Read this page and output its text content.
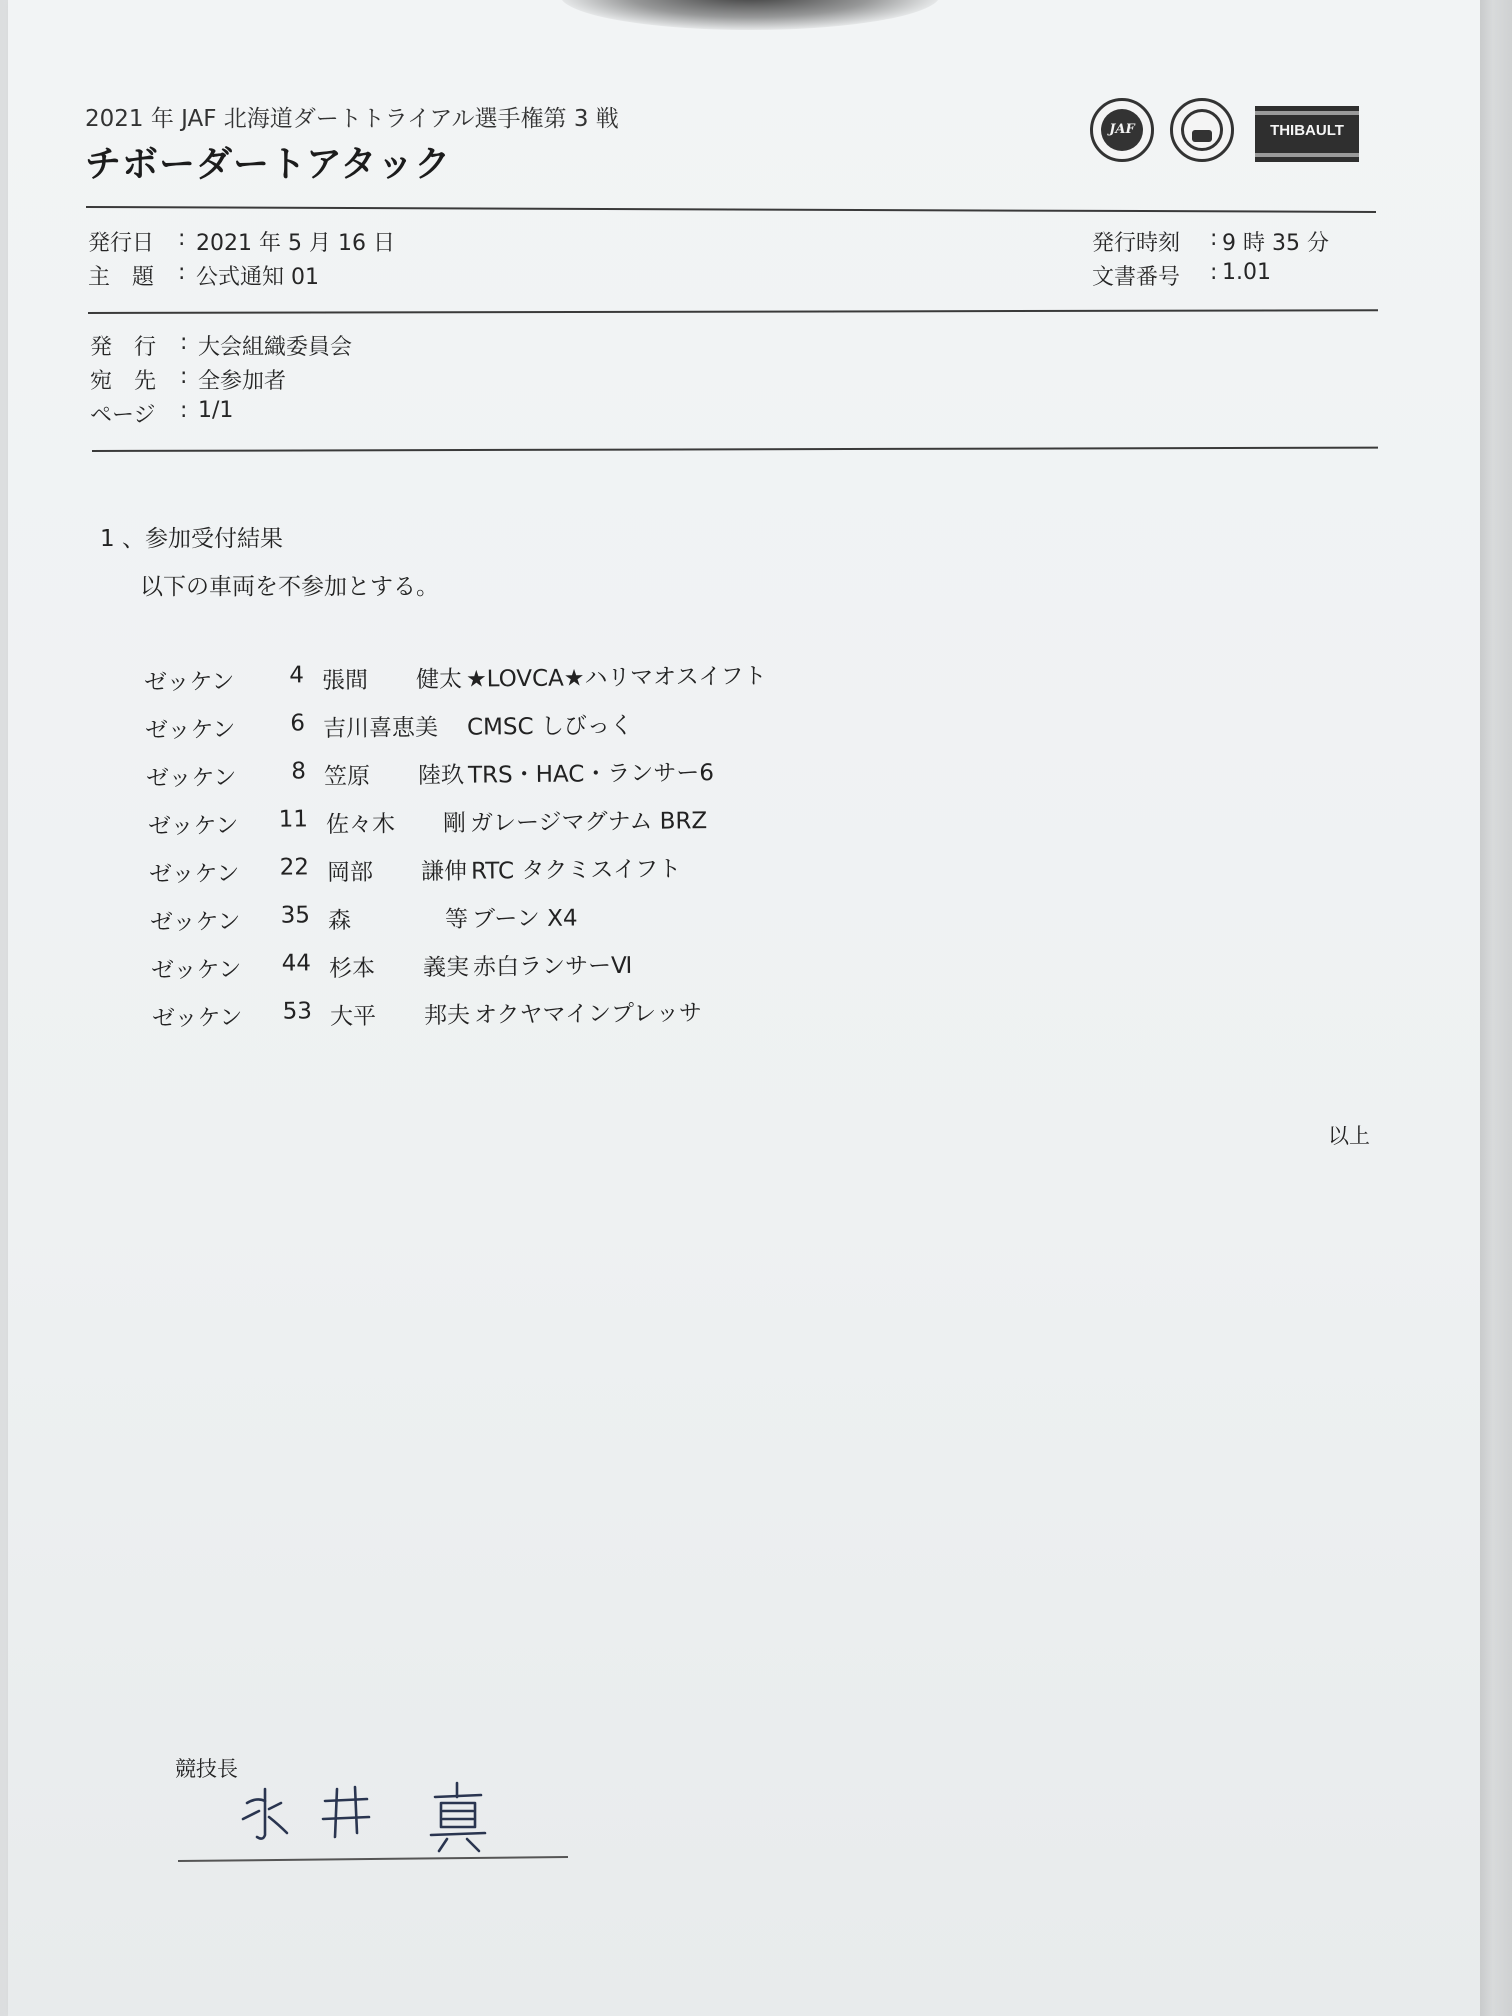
2021 年 JAF 北海道ダートトライアル選手権第 3 戦
チボーダートアタック
JAF	THIBAULT
発行日 : 2021 年 5 月 16 日
主　題 : 公式通知 01
発行時刻 : 9 時 35 分
文書番号 : 1.01
発　行 : 大会組織委員会
宛　先 : 全参加者
ページ : 1/1
1 、参加受付結果
以下の車両を不参加とする。
ゼッケン	4 張間 健太 ★LOVCA★ハリマオスイフト
ゼッケン	6 吉川喜恵美 CMSC しびっく
ゼッケン	8 笠原 陸玖 TRS・HAC・ランサー6
ゼッケン	11 佐々木 剛 ガレージマグナム BRZ
ゼッケン	22 岡部 謙伸 RTC タクミスイフト
ゼッケン	35 森	等 ブーン X4
ゼッケン	44 杉本 義実 赤白ランサーⅥ
ゼッケン	53 大平 邦夫 オクヤマインプレッサ
以上
競技長
